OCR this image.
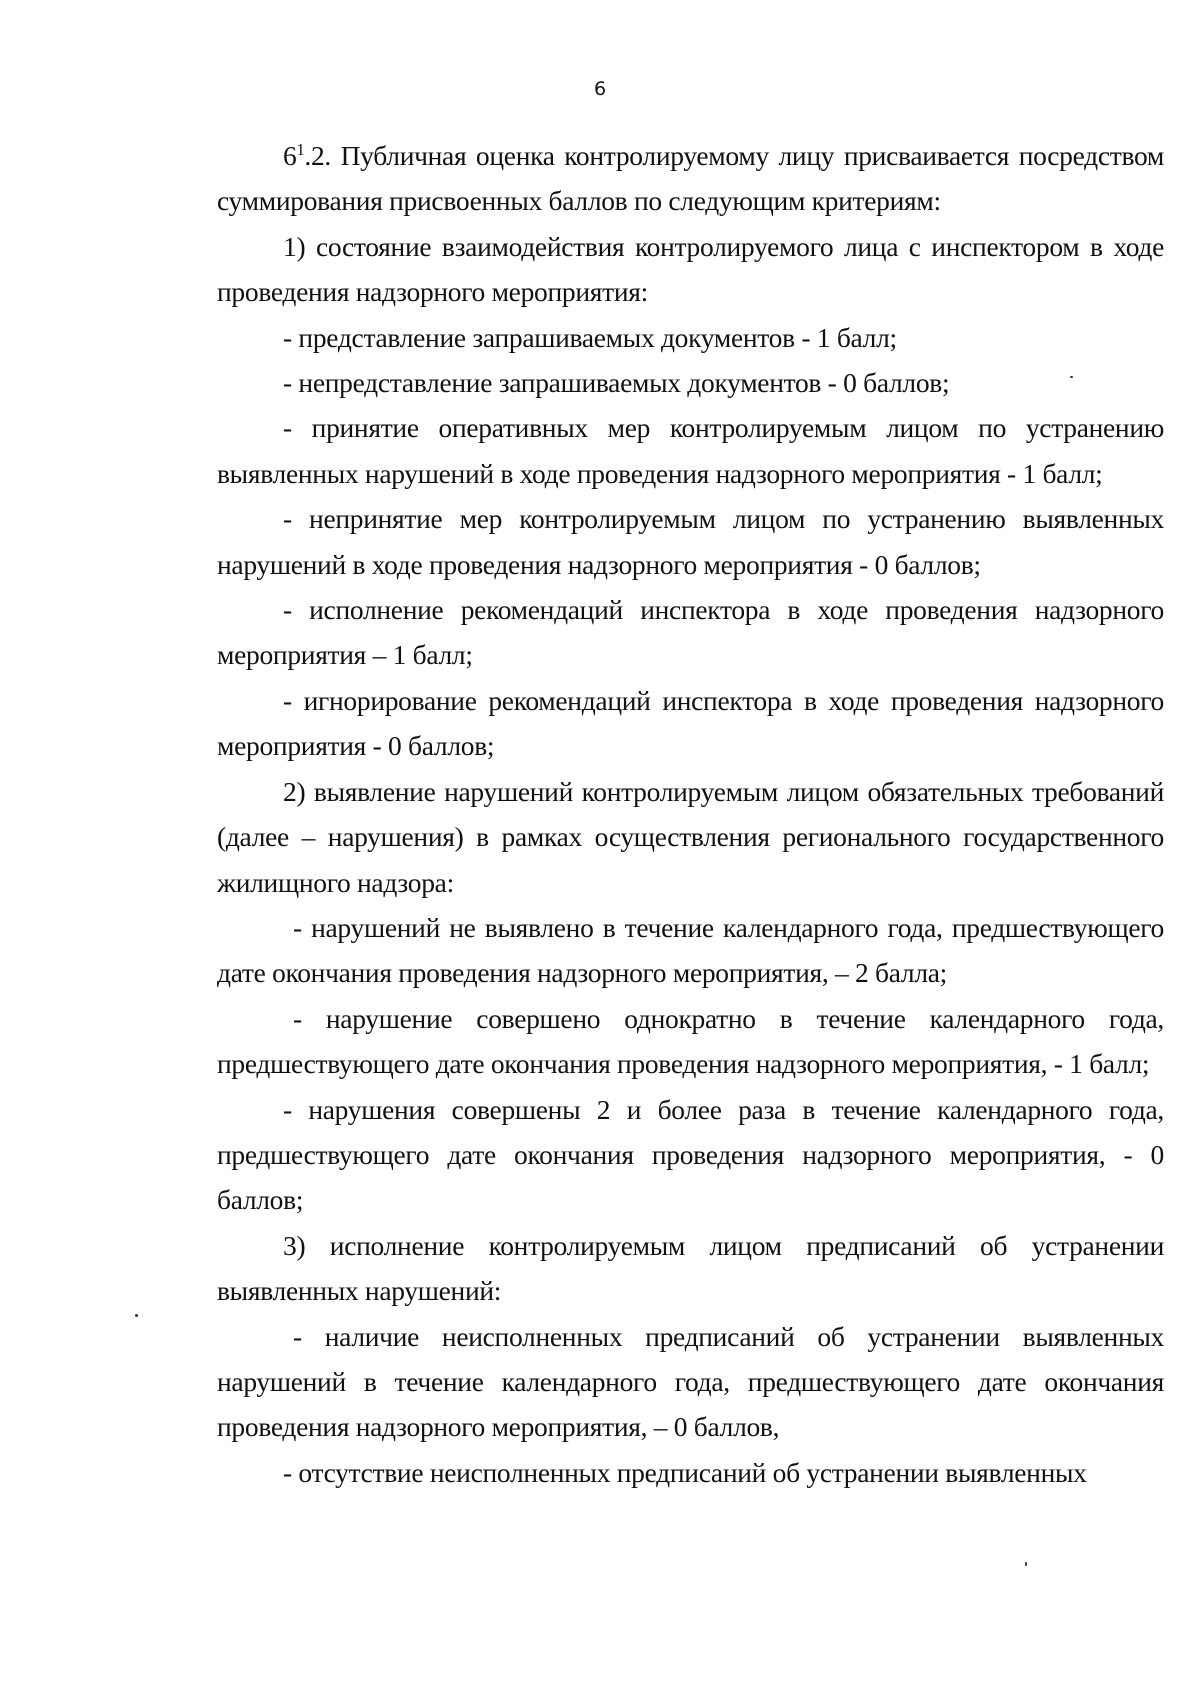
6

$6^1.2$. Публичная оценка контролируемому лицу присваивается посредством суммирования присвоенных баллов по следующим критериям:

1) состояние взаимодействия контролируемого лица с инспектором в ходе проведения надзорного мероприятия:

- представление запрашиваемых документов - 1 балл;

- непредставление запрашиваемых документов - 0 баллов;

- принятие оперативных мер контролируемым лицом по устранению выявленных нарушений в ходе проведения надзорного мероприятия - 1 балл;

- непринятие мер контролируемым лицом по устранению выявленных нарушений в ходе проведения надзорного мероприятия - 0 баллов;

- исполнение рекомендаций инспектора в ходе проведения надзорного мероприятия – 1 балл;

- игнорирование рекомендаций инспектора в ходе проведения надзорного мероприятия - 0 баллов;

2) выявление нарушений контролируемым лицом обязательных требований (далее – нарушения) в рамках осуществления регионального государственного жилищного надзора:

- нарушений не выявлено в течение календарного года, предшествующего дате окончания проведения надзорного мероприятия, – 2 балла;

- нарушение совершено однократно в течение календарного года, предшествующего дате окончания проведения надзорного мероприятия, - 1 балл;

- нарушения совершены 2 и более раза в течение календарного года, предшествующего дате окончания проведения надзорного мероприятия, - 0 баллов;

3) исполнение контролируемым лицом предписаний об устранении выявленных нарушений:

- наличие неисполненных предписаний об устранении выявленных нарушений в течение календарного года, предшествующего дате окончания проведения надзорного мероприятия, – 0 баллов,

- отсутствие неисполненных предписаний об устранении выявленных
